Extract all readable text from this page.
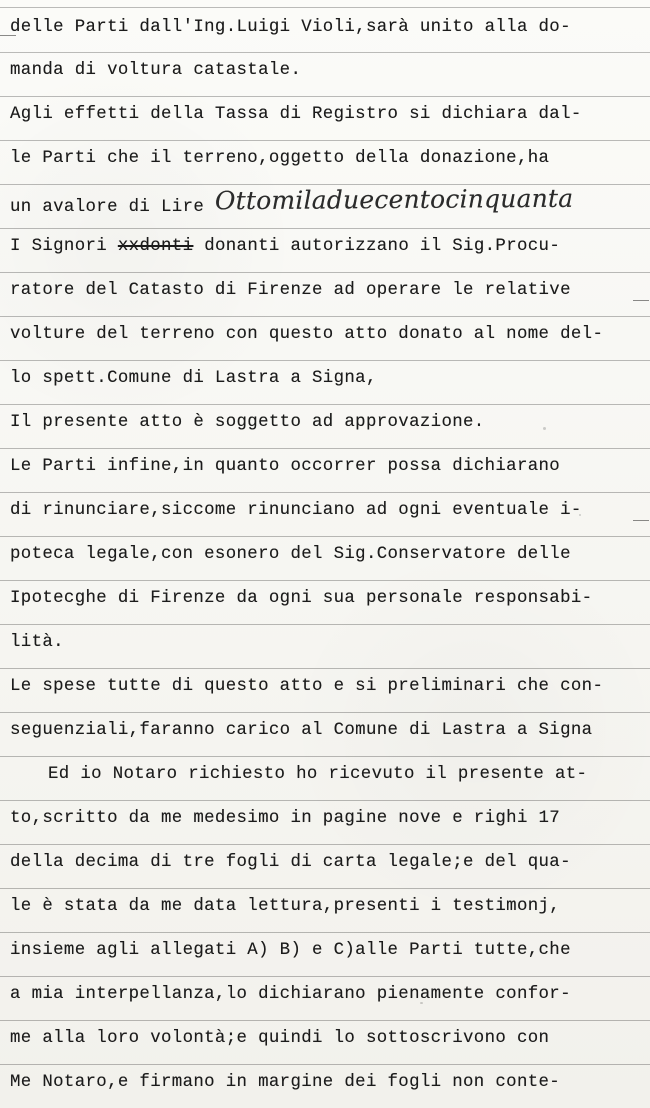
delle Parti dall'Ing.Luigi Violi,sarà unito alla do-
manda di voltura catastale.
Agli effetti della Tassa di Registro si dichiara dal-
le Parti che il terreno,oggetto della donazione,ha
un avalore di Lire Ottomiladuecentocinquanta
I Signori xxdonti donanti autorizzano il Sig.Procu-
ratore del Catasto di Firenze ad operare le relative
volture del terreno con questo atto donato al nome del-
lo spett.Comune di Lastra a Signa,
Il presente atto è soggetto ad approvazione.
Le Parti infine,in quanto occorrer possa dichiarano
di rinunciare,siccome rinunciano ad ogni eventuale i-
poteca legale,con esonero del Sig.Conservatore delle
Ipotecghe di Firenze da ogni sua personale responsabi-
lità.
Le spese tutte di questo atto e si preliminari che con-
seguenziali,faranno carico al Comune di Lastra a Signa
Ed io Notaro richiesto ho ricevuto il presente at-
to,scritto da me medesimo in pagine nove e righi 17
della decima di tre fogli di carta legale;e del qua-
le è stata da me data lettura,presenti i testimonj,
insieme agli allegati A) B) e C)alle Parti tutte,che
a mia interpellanza,lo dichiarano pienamente confor-
me alla loro volontà;e quindi lo sottoscrivono con
Me Notaro,e firmano in margine dei fogli non conte-
